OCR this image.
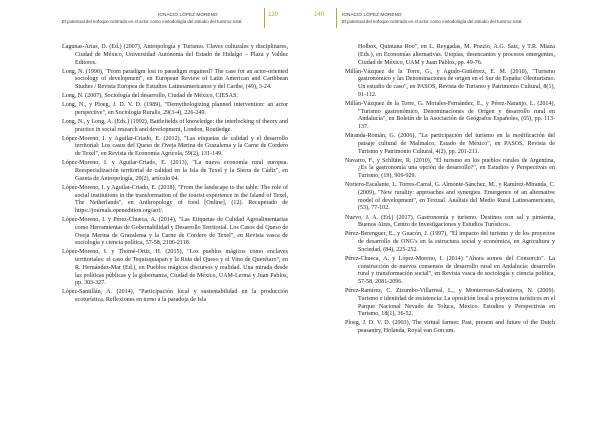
IGNACIO LÓPEZ MORENO
El potencial del enfoque centrado en el actor como metodología del estudio del turismo rural
139	140	IGNACIO LÓPEZ MORENO
El potencial del enfoque centrado en el actor como metodología del estudio del turismo rural

Lagunas-Arias, D. (Ed.) (2007), Antropología y Turismo. Claves culturales y disciplinares, Ciudad de México, Universidad Autónoma del Estado de Hidalgo – Plaza y Valdez Editores.

Long, N. (1990), "From paradigm lost to paradigm regained? The case for an actor-oriented sociology of development", en European Review of Latin American and Caribbean Studies / Revista Europea de Estudios Latinoamericanos y del Caribe, (49), 3-24.

Long, N. (2007), Sociología del desarrollo, Ciudad de México, CIESAS.

Long, N., y Ploeg, J. D. V. D. (1989), "Demythologizing planned intervention: an actor perspective", en Sociologia Ruralis, 29(3-4), 226-249.

Long, N., y Long, A. (Eds.) (1992), Battlefields of knowledge: the interlocking of theory and practice in social research and development, London, Routledge.

López-Moreno, I. y Aguilar-Criado, E. (2012), "Las etiquetas de calidad y el desarrollo territorial: Los casos del Queso de Oveja Merina de Grazalema y la Carne de Cordero de Texel", en Revista de Economía Agrícola, 59(2), 131-149.

López-Moreno, I. y Aguilar-Criado, E. (2013), "La nueva economía rural europea. Reespecialización territorial de calidad en la Isla de Texel y la Sierra de Cádiz", en Gazeta de Antropología, 29(2), artículo 04.

López-Moreno, I. y Aguilar-Criado, E. (2018), "From the landscape to the table: The role of social institutions in the transformation of the tourist experience in the Island of Texel, The Netherlands", en Anthropology of food [Online], (12). Recuperado de https://journals.openedition.org/aof/.

López-Moreno, I. y Pérez-Chueca, A. (2014), "Las Etiquetas de Calidad Agroalimentarias como Herramientas de Gobernabilidad y Desarrollo Territorial. Los Casos del Queso de Oveja Merina de Grazalema y la Carne de Cordero de Texel", en Revista vasca de sociología y ciencia política, 57-58, 2106-2118.

López-Moreno, I. y Thomé-Ortiz, H. (2015), "Los pueblos mágicos como enclaves territoriales: el caso de Tequisquiapan y la Ruta del Queso y el Vino de Querétaro", en R. Hernández-Mar (Ed.), en Pueblos mágicos discursos y realidad. Una mirada desde las políticas públicas y la gobernanza, Ciudad de México, UAM-Lerma y Juan Pablos, pp. 303-327.

López-Santillán, A. (2014), "Participación local y sustentabilidad en la producción ecoturística. Reflexiones en torno a la paradoja de Isla

Holbox, Quintana Roo", en L. Reygadas, M. Pozzio, A.G. Saiz, y T.R. Miaza (Eds.), en Economías alternativas. Utopías, desencantos y procesos emergentes, Ciudad de México, UAM y Juan Pablos, pp. 49-76.

Millán-Vázquez de la Torre, G., y Agudo-Gutiérrez, E. M. (2010), "Turismo gastronómico y las Denominaciones de origen en el Sur de España: Oleoturismo. Un estudio de caso", en PASOS, Revista de Turismo y Patrimonio Cultural, 8(1), 91-112.

Millán-Vázquez de la Torre, G. Morales-Fernández, E., y Pérez-Naranjo, L. (2014), "Turismo gastronómico, Denominaciones de Origen y desarrollo rural en Andalucía", en Boletín de la Asociación de Geógrafos Españoles, (65), pp. 113-137.

Miranda-Román, G. (2006), "La participación del turismo en la modificación del paisaje cultural de Malinalco, Estado de México", en PASOS, Revista de Turismo y Patrimonio Cultural, 4(2), pp. 201-211.

Navarro, F., y Schlüter, R. (2010), "El turismo en los pueblos rurales de Argentina, ¿Es la gastronomía una opción de desarrollo?", en Estudios y Perspectivas en Turismo, (19), 909-929.

Noriero-Escalante, L. Torres-Carral, G. Almonte-Sánchez, M., y Ramírez-Miranda, C. (2009), "New rurality: approaches and synergies. Emergence of an alternative model of development", en Textual. Análisis del Medio Rural Latinoamericano, (53), 77-102.

Nuevo, J. A. (Ed.) (2017), Gastronomía y turismo. Destinos con sal y pimienta, Buenos Aires, Centro de Investigaciones y Estudios Turísticos.

Pérez-Berenguer, E., y Guacón, J. (1997), "El impacto del turismo y de los proyectos de desarrollo de ONG's en la estructura social y económica, en Agricultura y Sociedad, (84), 225-252.

Pérez-Chueca, A. y López-Moreno, I. (2014) "Ahora somos del Consorcio". La construcción de nuevos consensos de desarrollo rural en Andalucía: desarrollo rural y transformación social", en Revista vasca de sociología y ciencia política, 57-58, 2081-2096.

Pérez-Ramírez, C. Zizumbo-Villarreal, L., y Monterroso-Salvatierra, N. (2009). Turismo e identidad de resistencia: La oposición local a proyectos turísticos en el Parque Nacional Nevado de Toluca, México. Estudios y Perspectivas en Turismo, 18(1), 36-52.

Ploeg, J. D. V. D. (2003), The virtual farmer. Past, present and future of the Dutch peasantry, Holanda, Royal van Gorcum.
